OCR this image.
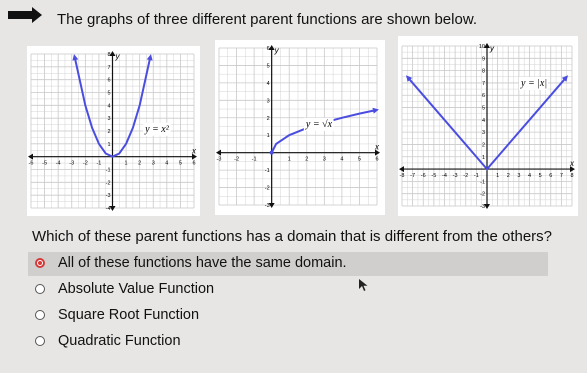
The graphs of three different parent functions are shown below.
x
y
-6 -5 -4 -3 -2 -1	1 2 3 4 5 6
-4
-3
-2
-1
1
2
3
4
5
6
7
8
y = x²
x
y
-3 -2 -1	1	2	3	4	5	6
-3
-2
-1
1
2
3
4
5
6
y = √x
x
y
-8 -7 -6 -5 -4 -3 -2 -1	1 2 3 4 5 6 7 8
-3
-2
-1
1
2
3
4
5
6
7
8
9
10
y = |x|
Which of these parent functions has a domain that is different from the others?
All of these functions have the same domain.
Absolute Value Function
Square Root Function
Quadratic Function
